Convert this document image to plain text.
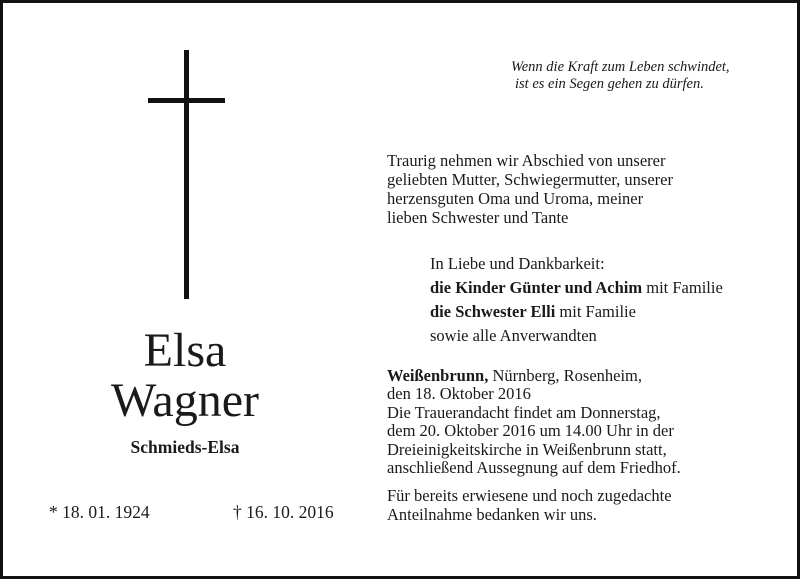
Elsa
Wagner
Schmieds-Elsa
* 18. 01. 1924	† 16. 10. 2016
Wenn die Kraft zum Leben schwindet,
ist es ein Segen gehen zu dürfen.
Traurig nehmen wir Abschied von unserer
geliebten Mutter, Schwiegermutter, unserer
herzensguten Oma und Uroma, meiner
lieben Schwester und Tante
In Liebe und Dankbarkeit:
die Kinder Günter und Achim mit Familie
die Schwester Elli mit Familie
sowie alle Anverwandten
Weißenbrunn, Nürnberg, Rosenheim,
den 18. Oktober 2016
Die Trauerandacht findet am Donnerstag,
dem 20. Oktober 2016 um 14.00 Uhr in der
Dreieinigkeitskirche in Weißenbrunn statt,
anschließend Aussegnung auf dem Friedhof.
Für bereits erwiesene und noch zugedachte
Anteilnahme bedanken wir uns.
